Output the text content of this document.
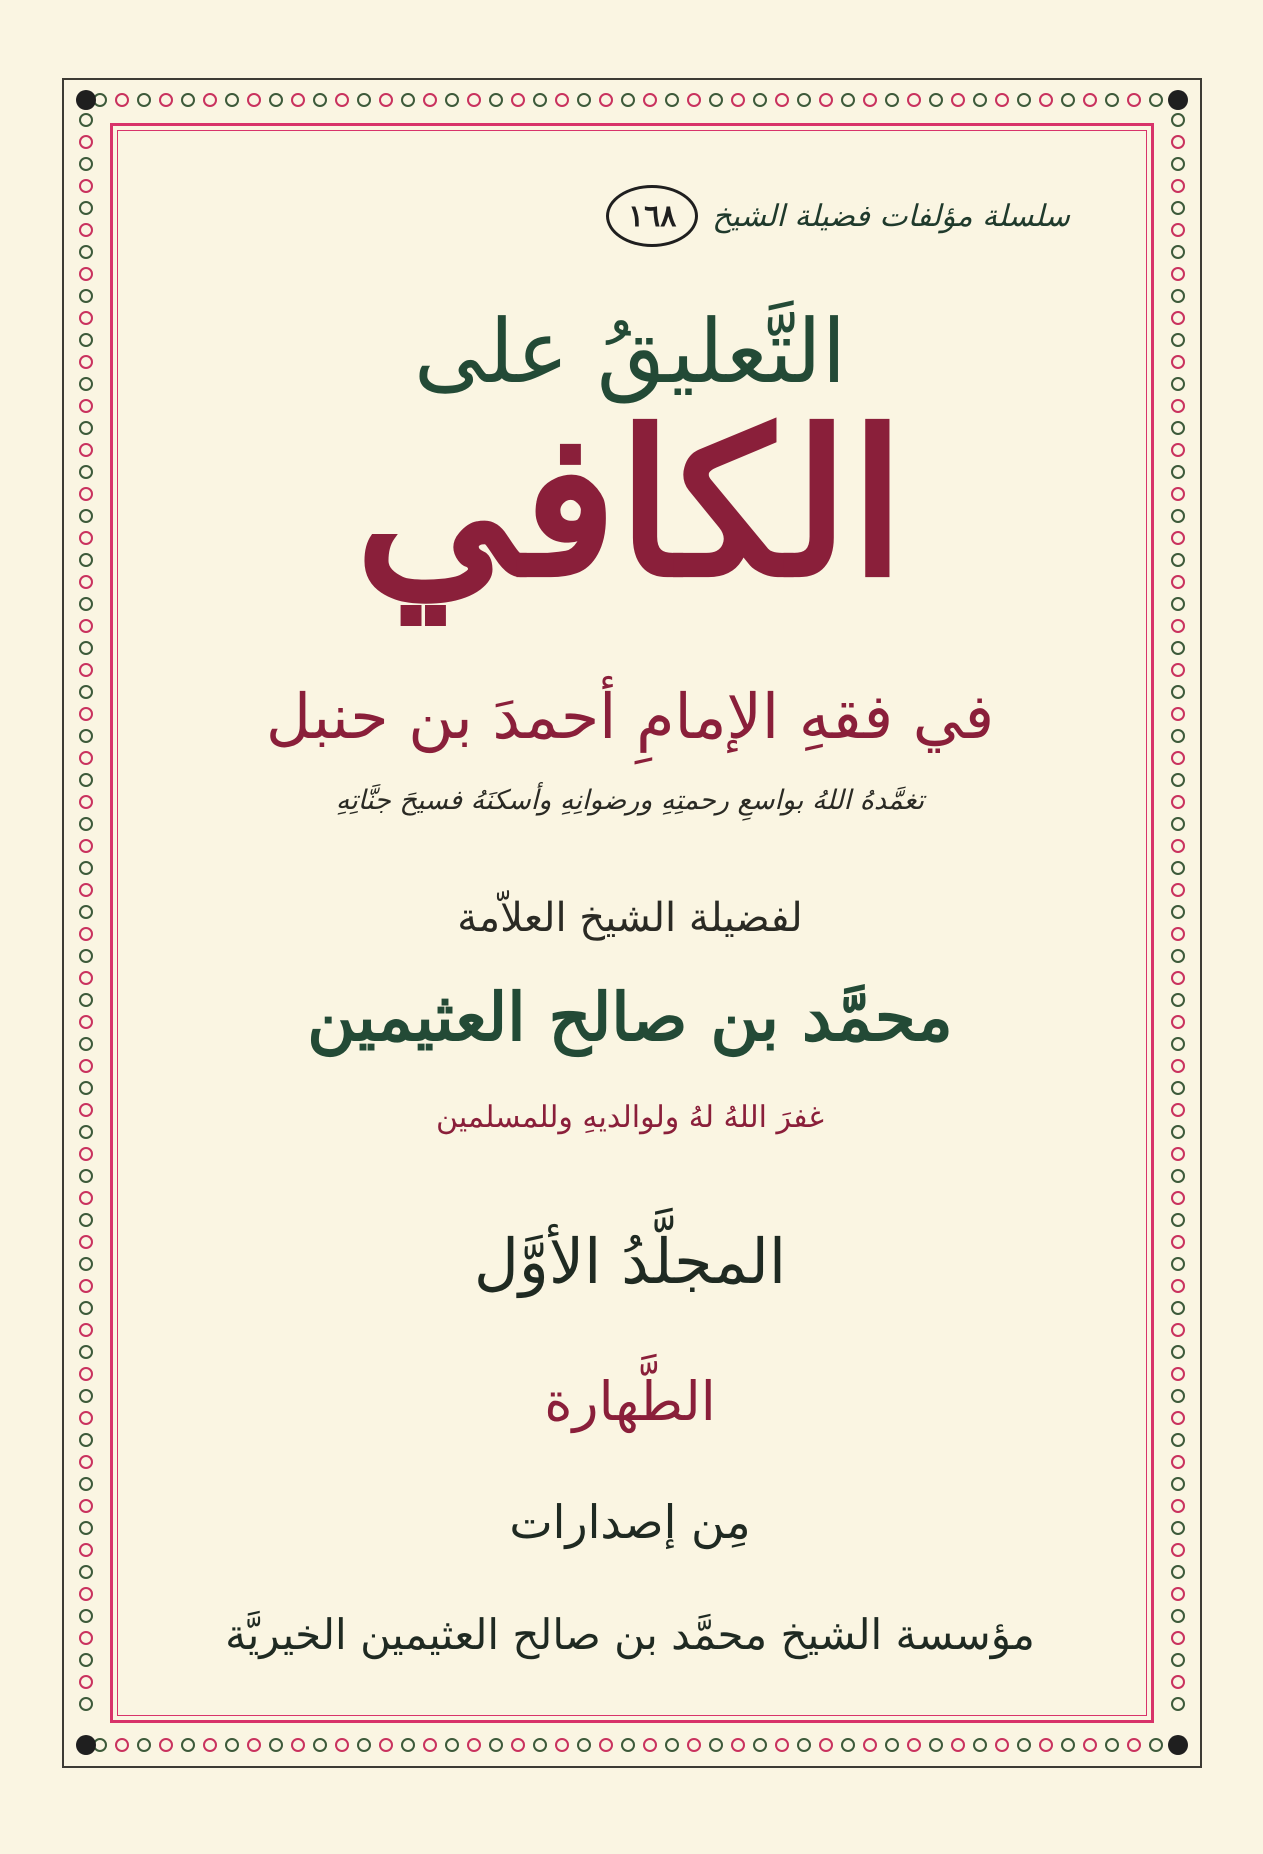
سلسلة مؤلفات فضيلة الشيخ
١٦٨
التَّعليقُ على
الكافي
في فقهِ الإمامِ أحمدَ بن حنبل
تغمَّدهُ اللهُ بواسعِ رحمتِهِ ورضوانِهِ وأسكنَهُ فسيحَ جنَّاتِهِ
لفضيلة الشيخ العلاّمة
محمَّد بن صالح العثيمين
غفرَ اللهُ لهُ ولوالديهِ وللمسلمين
المجلَّدُ الأوَّل
الطَّهارة
مِن إصدارات
مؤسسة الشيخ محمَّد بن صالح العثيمين الخيريَّة
